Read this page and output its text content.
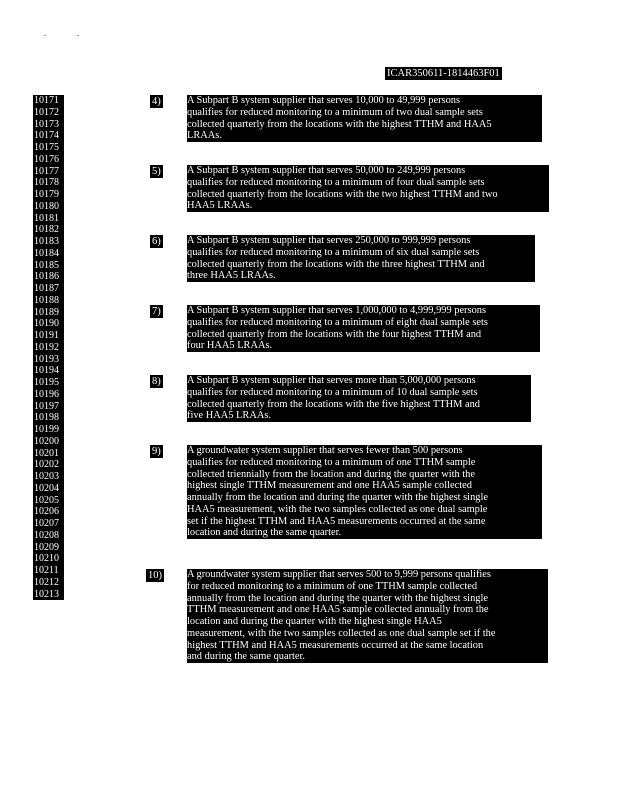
ICAR350611-1814463F01
10171
10172
10173
10174
10175
10176
10177
10178
10179
10180
10181
10182
10183
10184
10185
10186
10187
10188
10189
10190
10191
10192
10193
10194
10195
10196
10197
10198
10199
10200
10201
10202
10203
10204
10205
10206
10207
10208
10209
10210
10211
10212
10213
4)
5)
6)
7)
8)
9)
10)
A Subpart B system supplier that serves 10,000 to 49,999 persons
qualifies for reduced monitoring to a minimum of two dual sample sets
collected quarterly from the locations with the highest TTHM and HAA5
LRAAs.
A Subpart B system supplier that serves 50,000 to 249,999 persons
qualifies for reduced monitoring to a minimum of four dual sample sets
collected quarterly from the locations with the two highest TTHM and two
HAA5 LRAAs.
A Subpart B system supplier that serves 250,000 to 999,999 persons
qualifies for reduced monitoring to a minimum of six dual sample sets
collected quarterly from the locations with the three highest TTHM and
three HAA5 LRAAs.
A Subpart B system supplier that serves 1,000,000 to 4,999,999 persons
qualifies for reduced monitoring to a minimum of eight dual sample sets
collected quarterly from the locations with the four highest TTHM and
four HAA5 LRAAs.
A Subpart B system supplier that serves more than 5,000,000 persons
qualifies for reduced monitoring to a minimum of 10 dual sample sets
collected quarterly from the locations with the five highest TTHM and
five HAA5 LRAAs.
A groundwater system supplier that serves fewer than 500 persons
qualifies for reduced monitoring to a minimum of one TTHM sample
collected triennially from the location and during the quarter with the
highest single TTHM measurement and one HAA5 sample collected
annually from the location and during the quarter with the highest single
HAA5 measurement, with the two samples collected as one dual sample
set if the highest TTHM and HAA5 measurements occurred at the same
location and during the same quarter.
A groundwater system supplier that serves 500 to 9,999 persons qualifies
for reduced monitoring to a minimum of one TTHM sample collected
annually from the location and during the quarter with the highest single
TTHM measurement and one HAA5 sample collected annually from the
location and during the quarter with the highest single HAA5
measurement, with the two samples collected as one dual sample set if the
highest TTHM and HAA5 measurements occurred at the same location
and during the same quarter.
